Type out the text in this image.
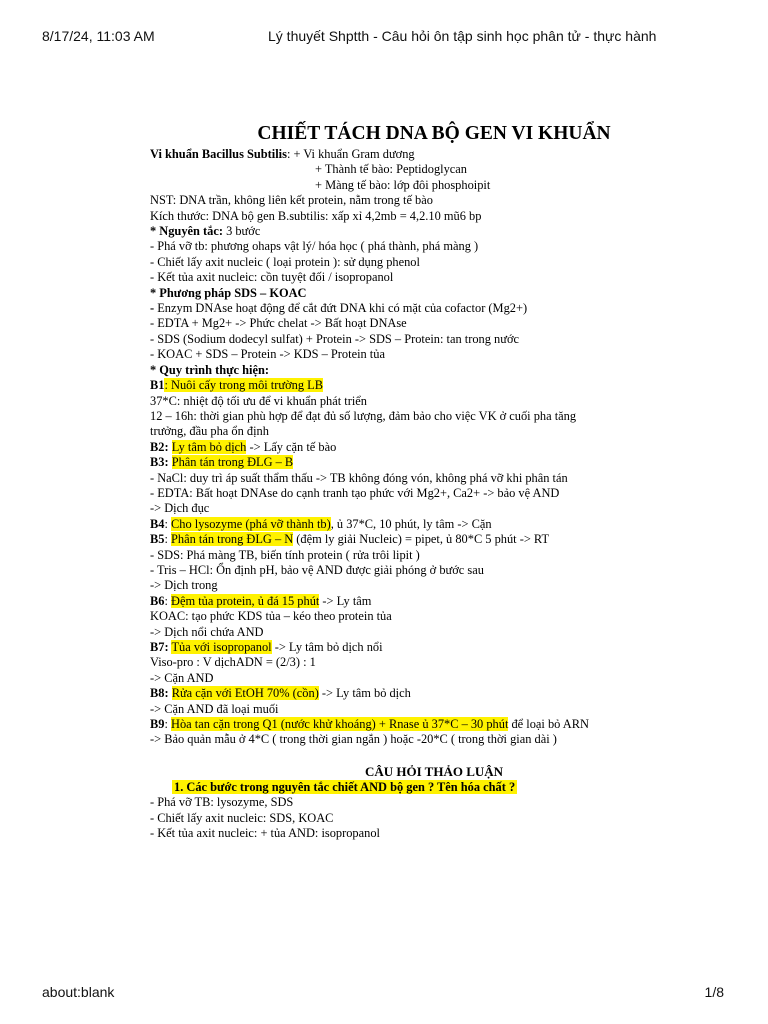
8/17/24, 11:03 AM	Lý thuyết Shptth - Câu hỏi ôn tập sinh học phân tử - thực hành
CHIẾT TÁCH DNA BỘ GEN VI KHUẨN
Vi khuẩn Bacillus Subtilis: + Vi khuẩn Gram dương
+ Thành tế bào: Peptidoglycan
+ Màng tế bào: lớp đôi phosphoipit
NST: DNA trần, không liên kết protein, nằm trong tế bào
Kích thước: DNA bộ gen B.subtilis: xấp xỉ 4,2mb = 4,2.10 mũ6 bp
* Nguyên tắc: 3 bước
- Phá vỡ tb: phương ohaps vật lý/ hóa học ( phá thành, phá màng )
- Chiết lấy axit nucleic ( loại protein ): sử dụng phenol
- Kết tủa axit nucleic: cồn tuyệt đối / isopropanol
* Phương pháp SDS – KOAC
- Enzym DNAse hoạt động để cắt đứt DNA khi có mặt của cofactor (Mg2+)
- EDTA + Mg2+ -> Phức chelat -> Bất hoạt DNAse
- SDS (Sodium dodecyl sulfat) + Protein -> SDS – Protein: tan trong nước
- KOAC + SDS – Protein -> KDS – Protein tủa
* Quy trình thực hiện:
B1: Nuôi cấy trong môi trường LB
37*C: nhiệt độ tối ưu để vi khuẩn phát triển
12 – 16h: thời gian phù hợp để đạt đủ số lượng, đảm bảo cho việc VK ở cuối pha tăng
trưởng, đầu pha ổn định
B2: Ly tâm bỏ dịch -> Lấy cặn tế bào
B3: Phân tán trong ĐLG – B
- NaCl: duy trì áp suất thẩm thấu -> TB không đóng vón, không phá vỡ khi phân tán
- EDTA: Bất hoạt DNAse do cạnh tranh tạo phức với Mg2+, Ca2+ -> bảo vệ AND
-> Dịch đục
B4: Cho lysozyme (phá vỡ thành tb), ủ 37*C, 10 phút, ly tâm -> Cặn
B5: Phân tán trong ĐLG – N (đệm ly giải Nucleic) = pipet, ủ 80*C 5 phút -> RT
- SDS: Phá màng TB, biến tính protein ( rửa trôi lipit )
- Tris – HCl: Ổn định pH, bảo vệ AND được giải phóng ở bước sau
-> Dịch trong
B6: Đệm tủa protein, ủ đá 15 phút -> Ly tâm
KOAC: tạo phức KDS tủa – kéo theo protein tủa
-> Dịch nổi chứa AND
B7: Tủa với isopropanol -> Ly tâm bỏ dịch nổi
Viso-pro : V dịchADN = (2/3) : 1
-> Cặn AND
B8: Rửa cặn với EtOH 70% (cồn) -> Ly tâm bỏ dịch
-> Cặn AND đã loại muối
B9: Hòa tan cặn trong Q1 (nước khử khoáng) + Rnase ủ 37*C – 30 phút để loại bỏ ARN
-> Bảo quản mẫu ở 4*C ( trong thời gian ngắn ) hoặc -20*C ( trong thời gian dài )
CÂU HỎI THẢO LUẬN
1. Các bước trong nguyên tắc chiết AND bộ gen ? Tên hóa chất ?
- Phá vỡ TB: lysozyme, SDS
- Chiết lấy axit nucleic: SDS, KOAC
- Kết tủa axit nucleic: + tủa AND: isopropanol
about:blank	1/8
